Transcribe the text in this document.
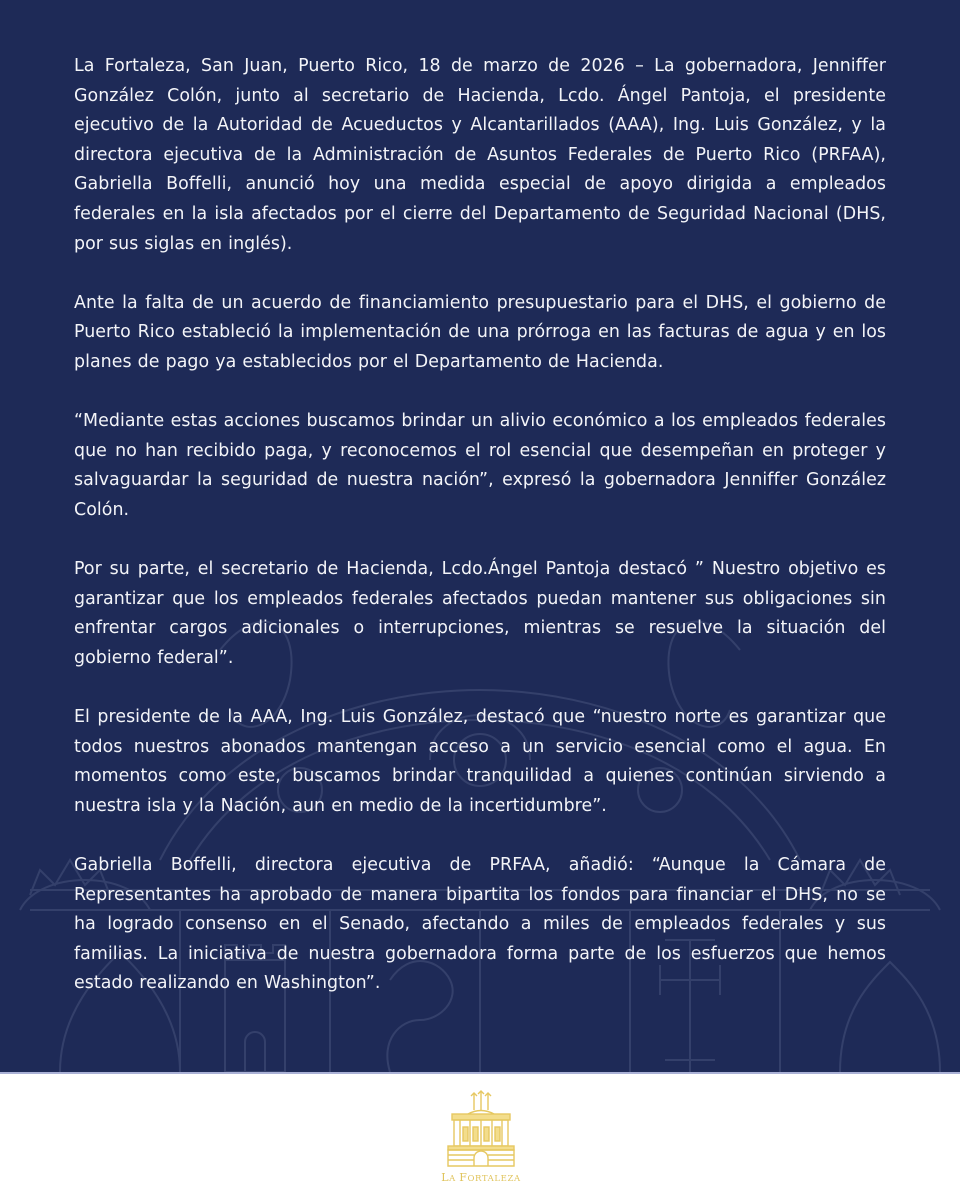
La Fortaleza, San Juan, Puerto Rico, 18 de marzo de 2026 – La gobernadora, Jenniffer González Colón, junto al secretario de Hacienda, Lcdo. Ángel Pantoja, el presidente ejecutivo de la Autoridad de Acueductos y Alcantarillados (AAA), Ing. Luis González, y la directora ejecutiva de la Administración de Asuntos Federales de Puerto Rico (PRFAA), Gabriella Boffelli, anunció hoy una medida especial de apoyo dirigida a empleados federales en la isla afectados por el cierre del Departamento de Seguridad Nacional (DHS, por sus siglas en inglés).

Ante la falta de un acuerdo de financiamiento presupuestario para el DHS, el gobierno de Puerto Rico estableció la implementación de una prórroga en las facturas de agua y en los planes de pago ya establecidos por el Departamento de Hacienda.

“Mediante estas acciones buscamos brindar un alivio económico a los empleados federales que no han recibido paga, y reconocemos el rol esencial que desempeñan en proteger y salvaguardar la seguridad de nuestra nación”, expresó la gobernadora Jenniffer González Colón.

Por su parte, el secretario de Hacienda, Lcdo.Ángel Pantoja destacó ” Nuestro objetivo es garantizar que los empleados federales afectados puedan mantener sus obligaciones sin enfrentar cargos adicionales o interrupciones, mientras se resuelve la situación del gobierno federal”.

El presidente de la AAA, Ing. Luis González, destacó que “nuestro norte es garantizar que todos nuestros abonados mantengan acceso a un servicio esencial como el agua. En momentos como este, buscamos brindar tranquilidad a quienes continúan sirviendo a nuestra isla y la Nación, aun en medio de la incertidumbre”.

Gabriella Boffelli, directora ejecutiva de PRFAA, añadió: “Aunque la Cámara de Representantes ha aprobado de manera bipartita los fondos para financiar el DHS, no se ha logrado consenso en el Senado, afectando a miles de empleados federales y sus familias. La iniciativa de nuestra gobernadora forma parte de los esfuerzos que hemos estado realizando en Washington”.

LA FORTALEZA
